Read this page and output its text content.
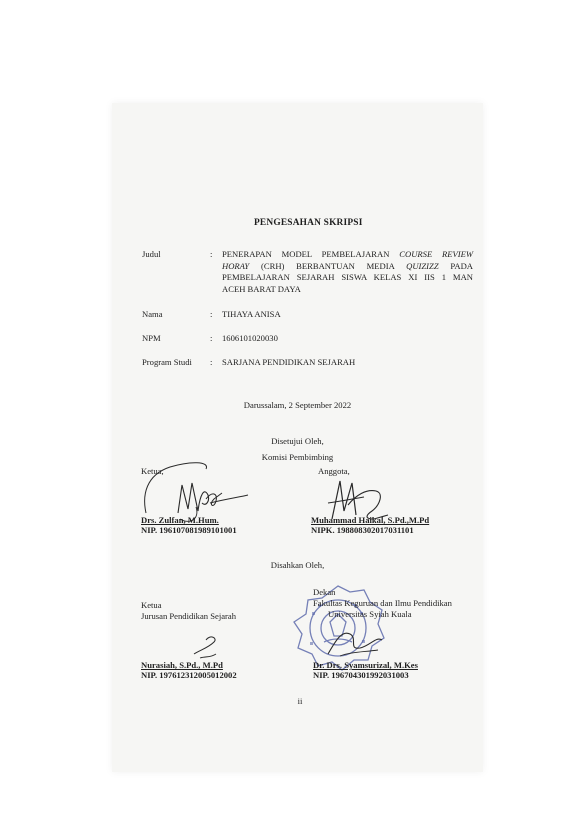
PENGESAHAN SKRIPSI
Judul	: PENERAPAN MODEL PEMBELAJARAN COURSE REVIEW
HORAY (CRH) BERBANTUAN MEDIA QUIZIZZ PADA
PEMBELAJARAN SEJARAH SISWA KELAS XI IIS 1 MAN
ACEH BARAT DAYA
Nama	: TIHAYA ANISA
NPM	: 1606101020030
Program Studi : SARJANA PENDIDIKAN SEJARAH
Darussalam, 2 September 2022
Disetujui Oleh,
Komisi Pembimbing
Ketua,	Anggota,
Drs. Zulfan, M.Hum.
NIP. 196107081989101001
Muhammad Haikal, S.Pd.,M.Pd
NIPK. 198808302017031101
Disahkan Oleh,
Dekan
Fakultas Keguruan dan Ilmu Pendidikan
Universitas Syiah Kuala
Ketua
Jurusan Pendidikan Sejarah
Nurasiah, S.Pd., M.Pd
NIP. 197612312005012002
Dr. Drs. Syamsurizal, M.Kes
NIP. 196704301992031003
ii
